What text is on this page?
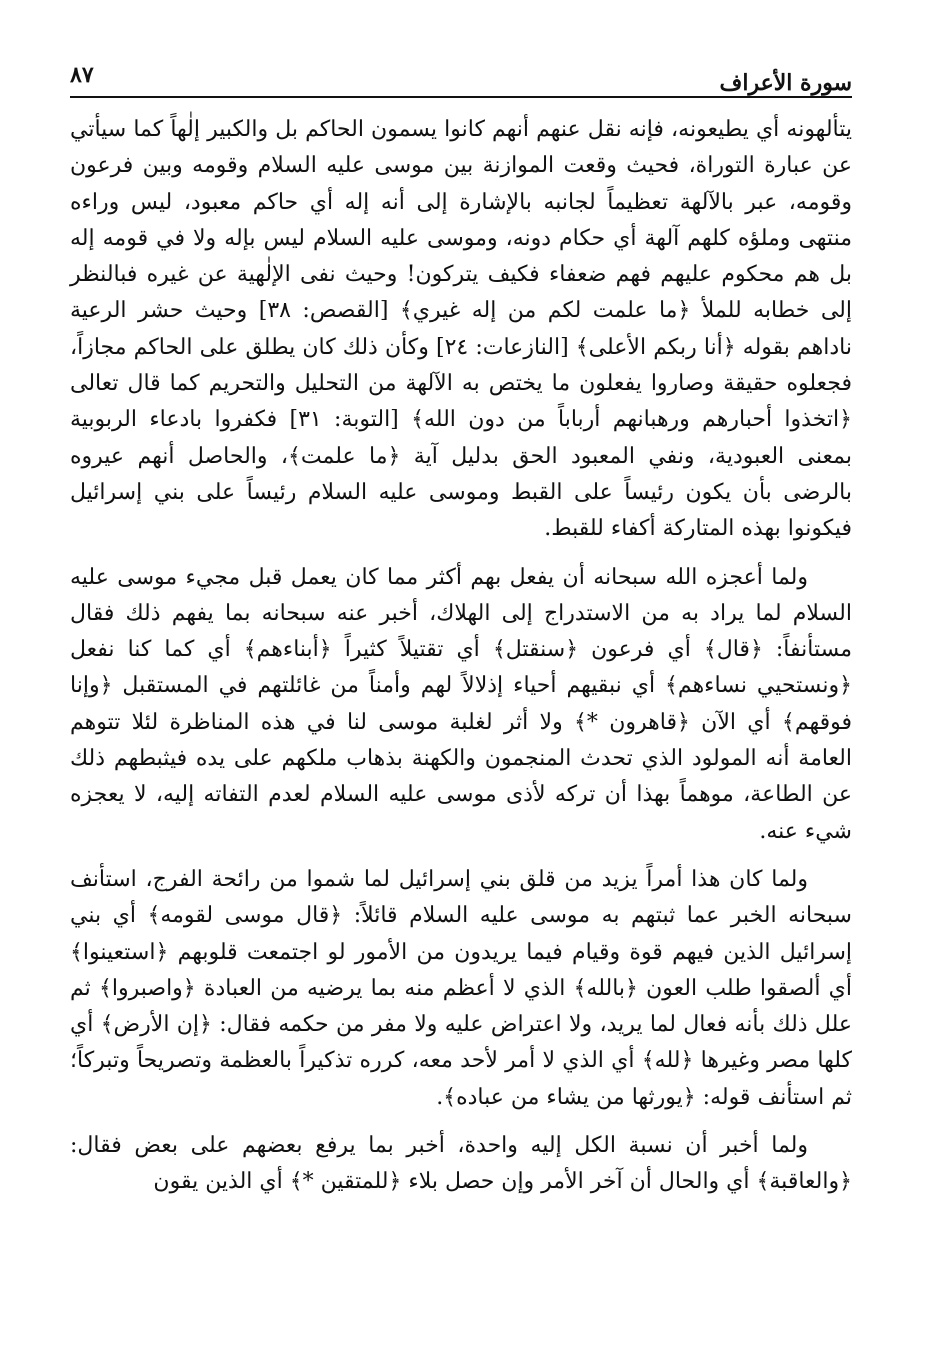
سورة الأعراف
٨٧

يتألهونه أي يطيعونه، فإنه نقل عنهم أنهم كانوا يسمون الحاكم بل والكبير إلٰهاً كما سيأتي عن عبارة التوراة، فحيث وقعت الموازنة بين موسى عليه السلام وقومه وبين فرعون وقومه، عبر بالآلهة تعظيماً لجانبه بالإشارة إلى أنه إله أي حاكم معبود، ليس وراءه منتهى وملؤه كلهم آلهة أي حكام دونه، وموسى عليه السلام ليس بإله ولا في قومه إله بل هم محكوم عليهم فهم ضعفاء فكيف يتركون! وحيث نفى الإلٰهية عن غيره فبالنظر إلى خطابه للملأ ﴿ما علمت لكم من إله غيري﴾ [القصص: ٣٨] وحيث حشر الرعية ناداهم بقوله ﴿أنا ربكم الأعلى﴾ [النازعات: ٢٤] وكأن ذلك كان يطلق على الحاكم مجازاً، فجعلوه حقيقة وصاروا يفعلون ما يختص به الآلهة من التحليل والتحريم كما قال تعالى ﴿اتخذوا أحبارهم ورهبانهم أرباباً من دون الله﴾ [التوبة: ٣١] فكفروا بادعاء الربوبية بمعنى العبودية، ونفي المعبود الحق بدليل آية ﴿ما علمت﴾، والحاصل أنهم عيروه بالرضى بأن يكون رئيساً على القبط وموسى عليه السلام رئيساً على بني إسرائيل فيكونوا بهذه المتاركة أكفاء للقبط.

ولما أعجزه الله سبحانه أن يفعل بهم أكثر مما كان يعمل قبل مجيء موسى عليه السلام لما يراد به من الاستدراج إلى الهلاك، أخبر عنه سبحانه بما يفهم ذلك فقال مستأنفاً: ﴿قال﴾ أي فرعون ﴿سنقتل﴾ أي تقتيلاً كثيراً ﴿أبناءهم﴾ أي كما كنا نفعل ﴿ونستحيي نساءهم﴾ أي نبقيهم أحياء إذلالاً لهم وأمناً من غائلتهم في المستقبل ﴿وإنا فوقهم﴾ أي الآن ﴿قاهرون *﴾ ولا أثر لغلبة موسى لنا في هذه المناظرة لئلا تتوهم العامة أنه المولود الذي تحدث المنجمون والكهنة بذهاب ملكهم على يده فيثبطهم ذلك عن الطاعة، موهماً بهذا أن تركه لأذى موسى عليه السلام لعدم التفاته إليه، لا يعجزه شيء عنه.

ولما كان هذا أمراً يزيد من قلق بني إسرائيل لما شموا من رائحة الفرج، استأنف سبحانه الخبر عما ثبتهم به موسى عليه السلام قائلاً: ﴿قال موسى لقومه﴾ أي بني إسرائيل الذين فيهم قوة وقيام فيما يريدون من الأمور لو اجتمعت قلوبهم ﴿استعينوا﴾ أي ألصقوا طلب العون ﴿بالله﴾ الذي لا أعظم منه بما يرضيه من العبادة ﴿واصبروا﴾ ثم علل ذلك بأنه فعال لما يريد، ولا اعتراض عليه ولا مفر من حكمه فقال: ﴿إن الأرض﴾ أي كلها مصر وغيرها ﴿لله﴾ أي الذي لا أمر لأحد معه، كرره تذكيراً بالعظمة وتصريحاً وتبركاً؛ ثم استأنف قوله: ﴿يورثها من يشاء من عباده﴾.

ولما أخبر أن نسبة الكل إليه واحدة، أخبر بما يرفع بعضهم على بعض فقال: ﴿والعاقبة﴾ أي والحال أن آخر الأمر وإن حصل بلاء ﴿للمتقين *﴾ أي الذين يقون
